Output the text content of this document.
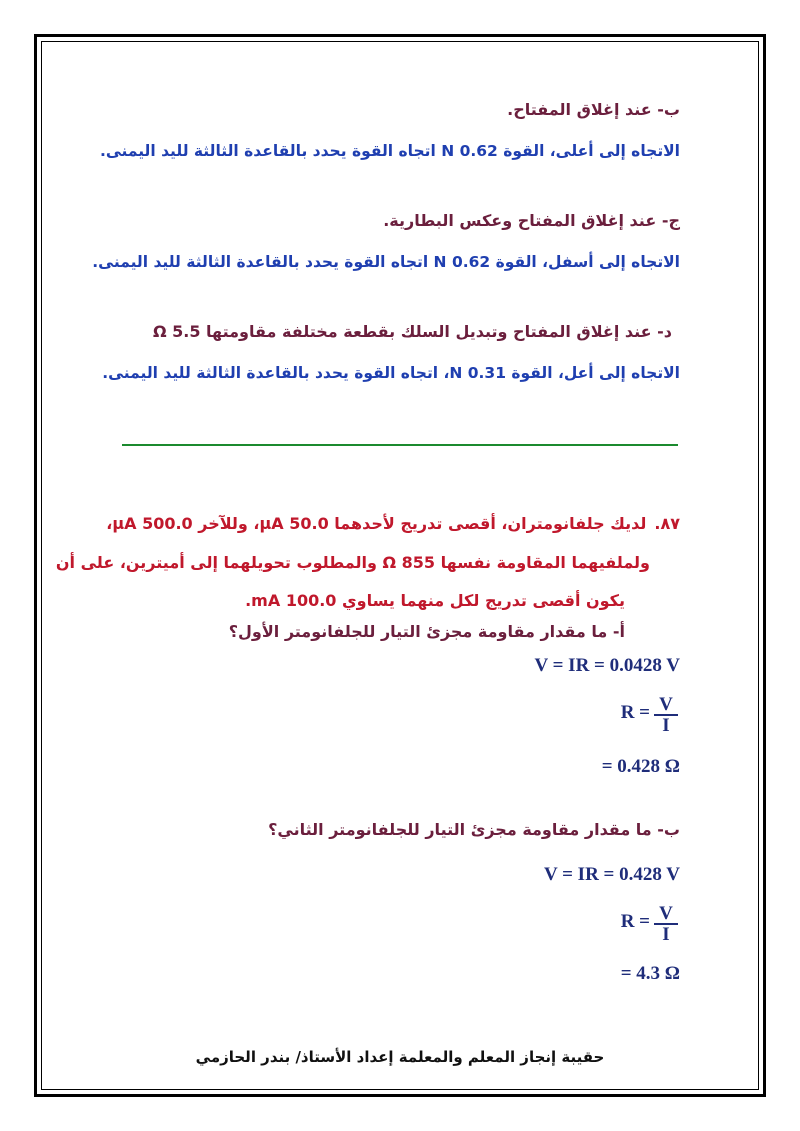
ب- عند إغلاق المفتاح.
الاتجاه إلى أعلى، القوة 0.62 N اتجاه القوة يحدد بالقاعدة الثالثة لليد اليمنى.
ج- عند إغلاق المفتاح وعكس البطارية.
الاتجاه إلى أسفل، القوة 0.62 N اتجاه القوة يحدد بالقاعدة الثالثة لليد اليمنى.
د- عند إغلاق المفتاح وتبديل السلك بقطعة مختلفة مقاومتها 5.5 Ω
الاتجاه إلى أعل، القوة 0.31 N، اتجاه القوة يحدد بالقاعدة الثالثة لليد اليمنى.
٨٧.لديك جلفانومتران، أقصى تدريج لأحدهما 50.0 μA، وللآخر 500.0 μA،
ولملفيهما المقاومة نفسها 855 Ω والمطلوب تحويلهما إلى أميترين، على أن
يكون أقصى تدريج لكل منهما يساوي 100.0 mA.
أ- ما مقدار مقاومة مجزئ التيار للجلفانومتر الأول؟
V = IR = 0.0428 V
$R = \frac{V}{I}$
= 0.428 Ω
ب- ما مقدار مقاومة مجزئ التيار للجلفانومتر الثاني؟
V = IR = 0.428 V
$R = \frac{V}{I}$
= 4.3 Ω
حقيبة إنجاز المعلم والمعلمة إعداد الأستاذ/ بندر الحازمي
